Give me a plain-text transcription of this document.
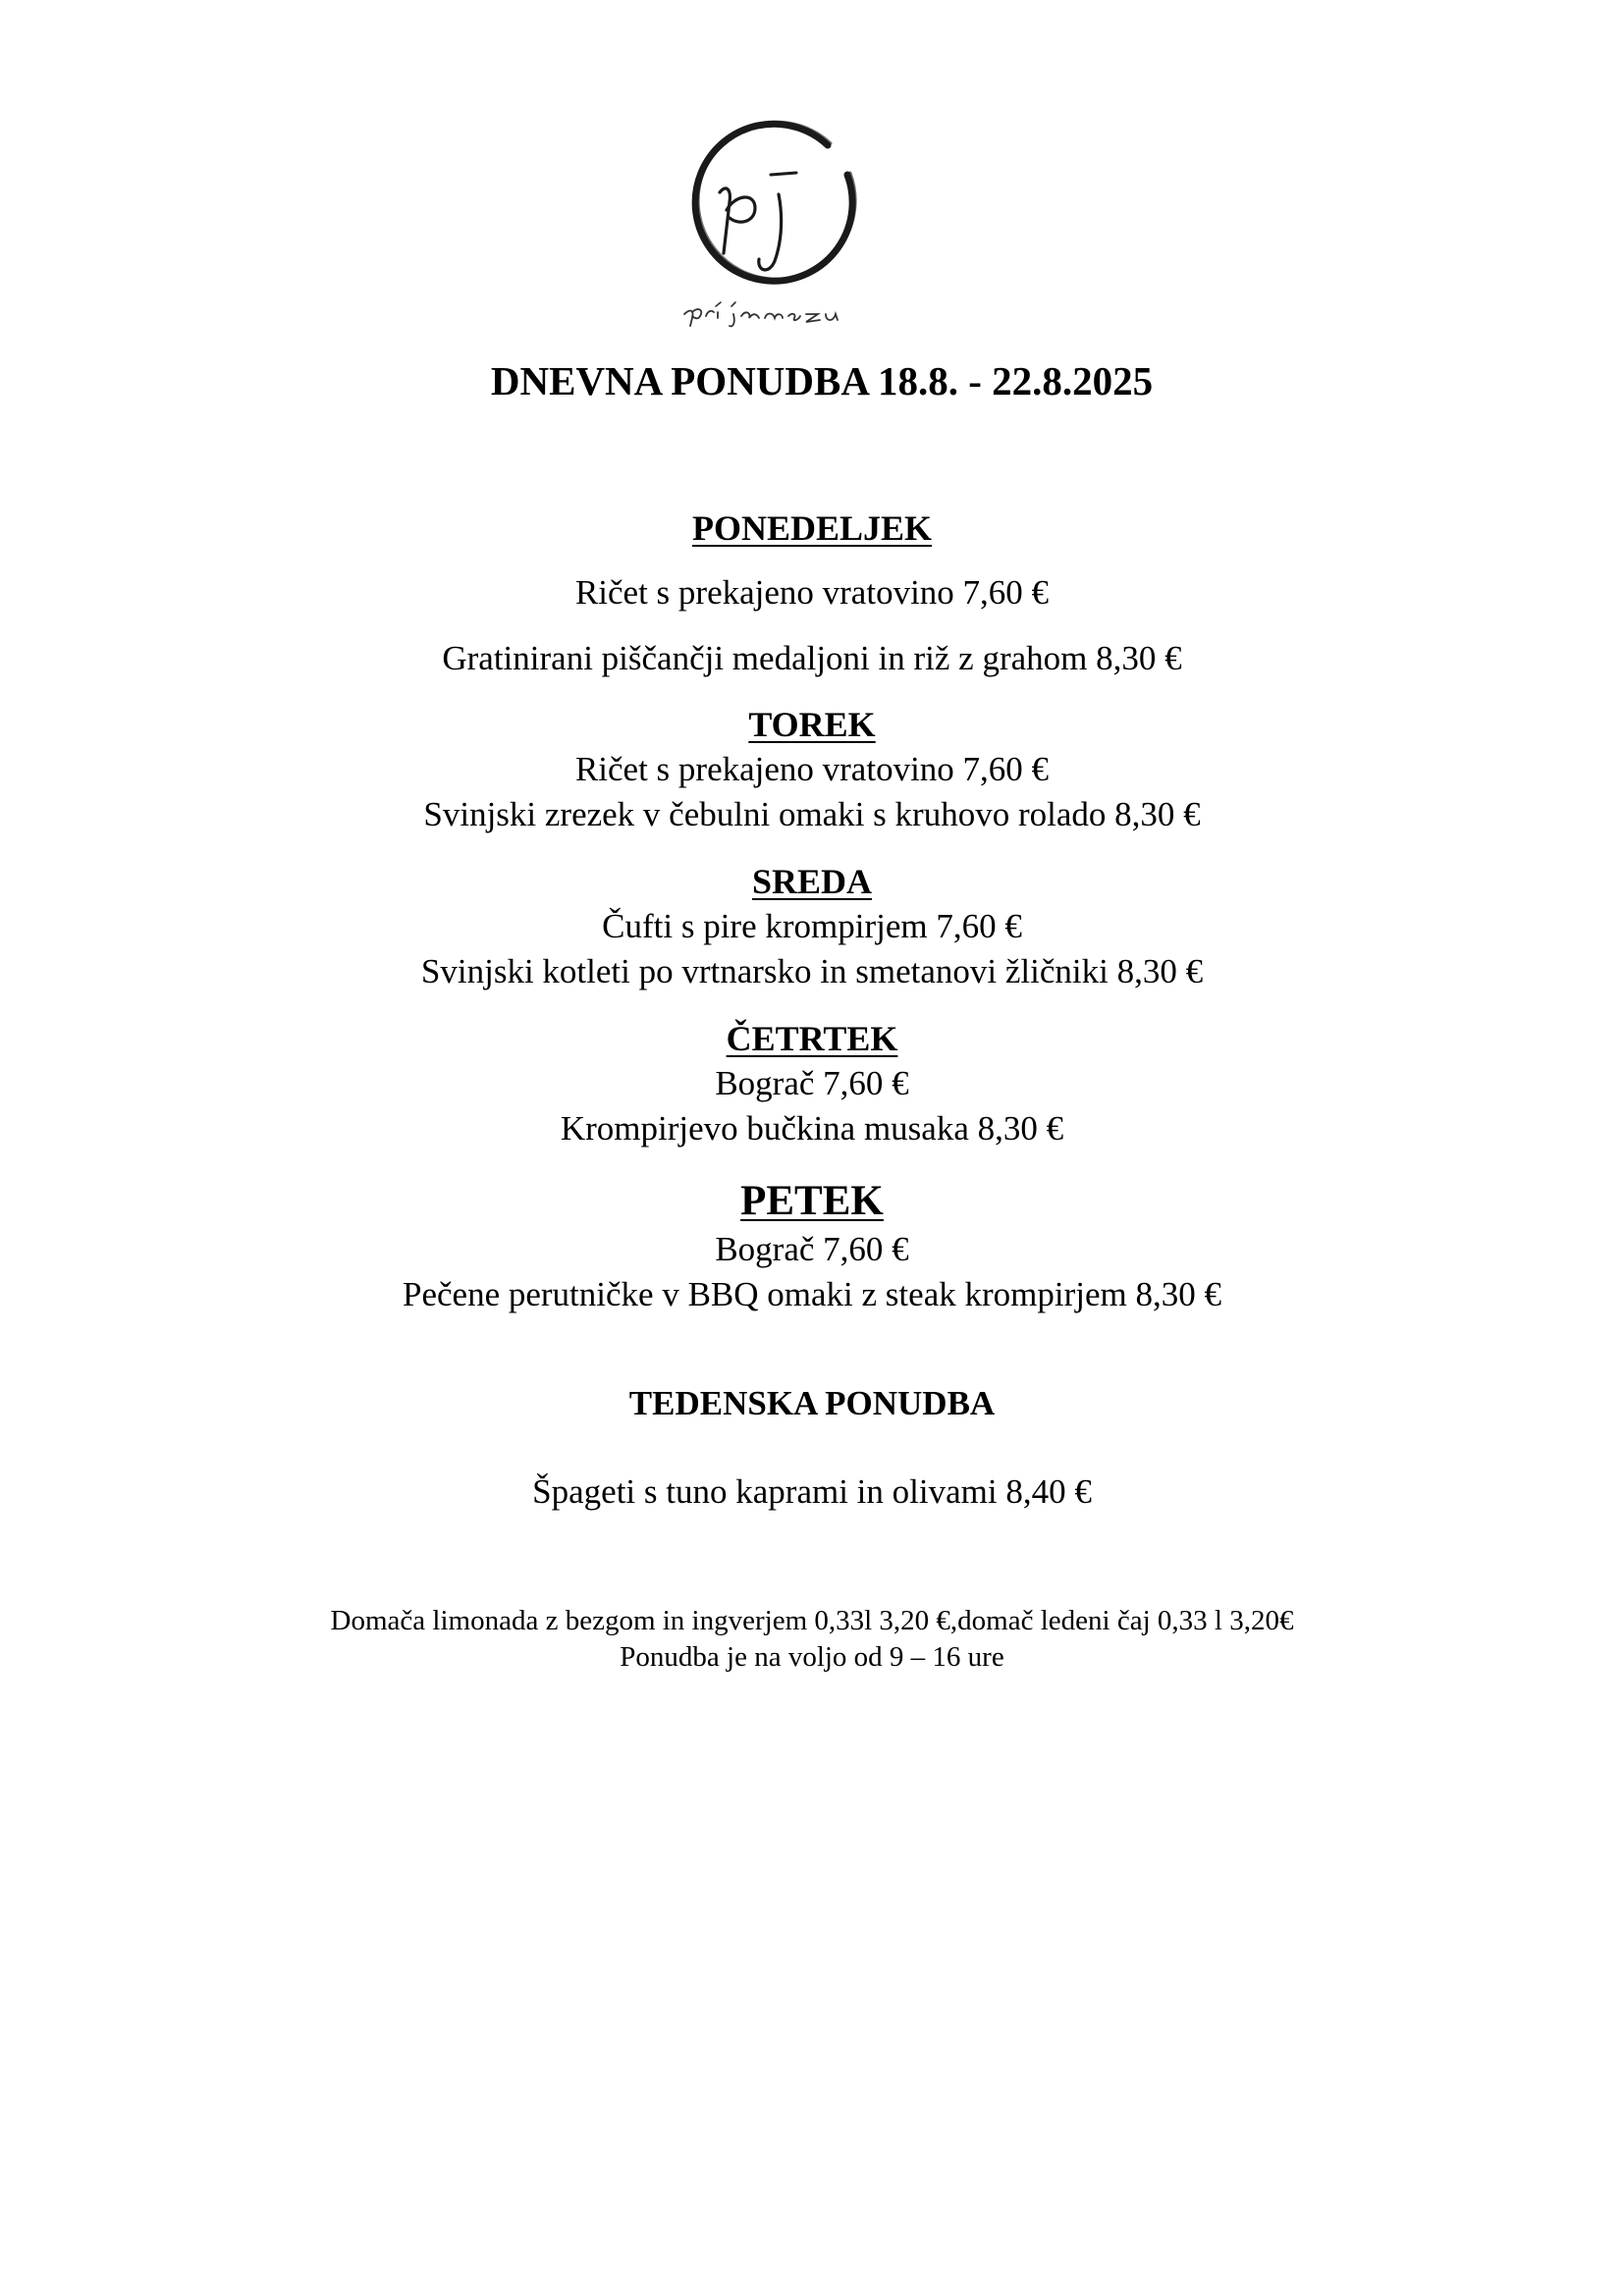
DNEVNA PONUDBA 18.8. - 22.8.2025
PONEDELJEK
Ričet s prekajeno vratovino 7,60 €
Gratinirani piščančji medaljoni in riž z grahom 8,30 €
TOREK
Ričet s prekajeno vratovino 7,60 €
Svinjski zrezek v čebulni omaki s kruhovo rolado 8,30 €
SREDA
Čufti s pire krompirjem 7,60 €
Svinjski kotleti po vrtnarsko in smetanovi žličniki 8,30 €
ČETRTEK
Bograč 7,60 €
Krompirjevo bučkina musaka 8,30 €
PETEK
Bograč 7,60 €
Pečene perutničke v BBQ omaki z steak krompirjem 8,30 €
TEDENSKA PONUDBA
Špageti s tuno kaprami in olivami 8,40 €
Domača limonada z bezgom in ingverjem 0,33l 3,20 €,domač ledeni čaj 0,33 l 3,20€
Ponudba je na voljo od 9 – 16 ure
